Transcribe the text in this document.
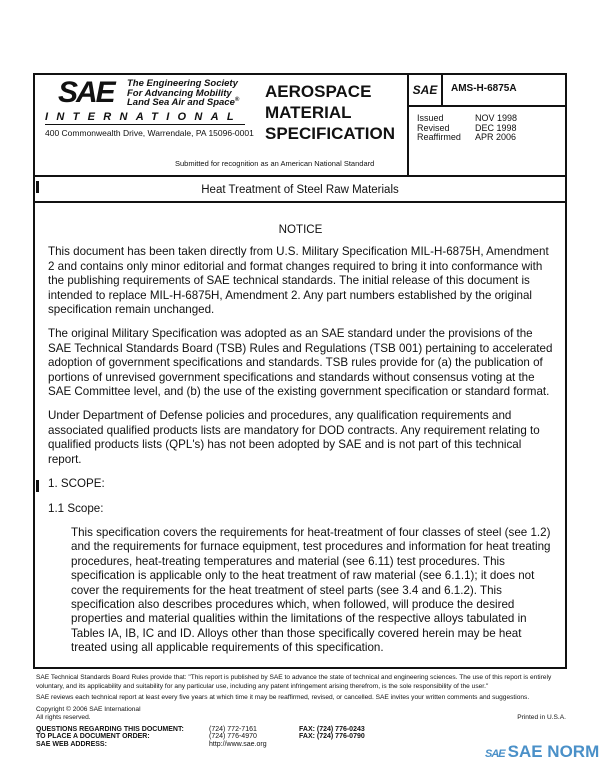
SAE The Engineering Society
For Advancing Mobility
Land Sea Air and Space®
INTERNATIONAL
400 Commonwealth Drive, Warrendale, PA 15096-0001
AEROSPACE
MATERIAL
SPECIFICATION
Submitted for recognition as an American National Standard
SAE	AMS-H-6875A
Issued	NOV 1998
Revised	DEC 1998
Reaffirmed	APR 2006
Heat Treatment of Steel Raw Materials
NOTICE

This document has been taken directly from U.S. Military Specification MIL-H-6875H, Amendment 2 and contains only minor editorial and format changes required to bring it into conformance with the publishing requirements of SAE technical standards. The initial release of this document is intended to replace MIL-H-6875H, Amendment 2. Any part numbers established by the original specification remain unchanged.

The original Military Specification was adopted as an SAE standard under the provisions of the SAE Technical Standards Board (TSB) Rules and Regulations (TSB 001) pertaining to accelerated adoption of government specifications and standards. TSB rules provide for (a) the publication of portions of unrevised government specifications and standards without consensus voting at the SAE Committee level, and (b) the use of the existing government specification or standard format.

Under Department of Defense policies and procedures, any qualification requirements and associated qualified products lists are mandatory for DOD contracts. Any requirement relating to qualified products lists (QPL's) has not been adopted by SAE and is not part of this technical report.

1. SCOPE:

1.1 Scope:

This specification covers the requirements for heat-treatment of four classes of steel (see 1.2) and the requirements for furnace equipment, test procedures and information for heat treating procedures, heat-treating temperatures and material (see 6.11) test procedures. This specification is applicable only to the heat treatment of raw material (see 6.1.1); it does not cover the requirements for the heat treatment of steel parts (see 3.4 and 6.1.2). This specification also describes procedures which, when followed, will produce the desired properties and material qualities within the limitations of the respective alloys tabulated in Tables IA, IB, IC and ID. Alloys other than those specifically covered herein may be heat treated using all applicable requirements of this specification.

SAE Technical Standards Board Rules provide that: "This report is published by SAE to advance the state of technical and engineering sciences. The use of this report is entirely voluntary, and its applicability and suitability for any particular use, including any patent infringement arising therefrom, is the sole responsibility of the user."

SAE reviews each technical report at least every five years at which time it may be reaffirmed, revised, or cancelled. SAE invites your written comments and suggestions.

Copyright © 2006 SAE International
All rights reserved.	Printed in U.S.A.
QUESTIONS REGARDING THIS DOCUMENT:	(724) 772-7161	FAX: (724) 776-0243
TO PLACE A DOCUMENT ORDER:	(724) 776-4970	FAX: (724) 776-0790
SAE WEB ADDRESS:	http://www.sae.org
SAE SAE NORM
